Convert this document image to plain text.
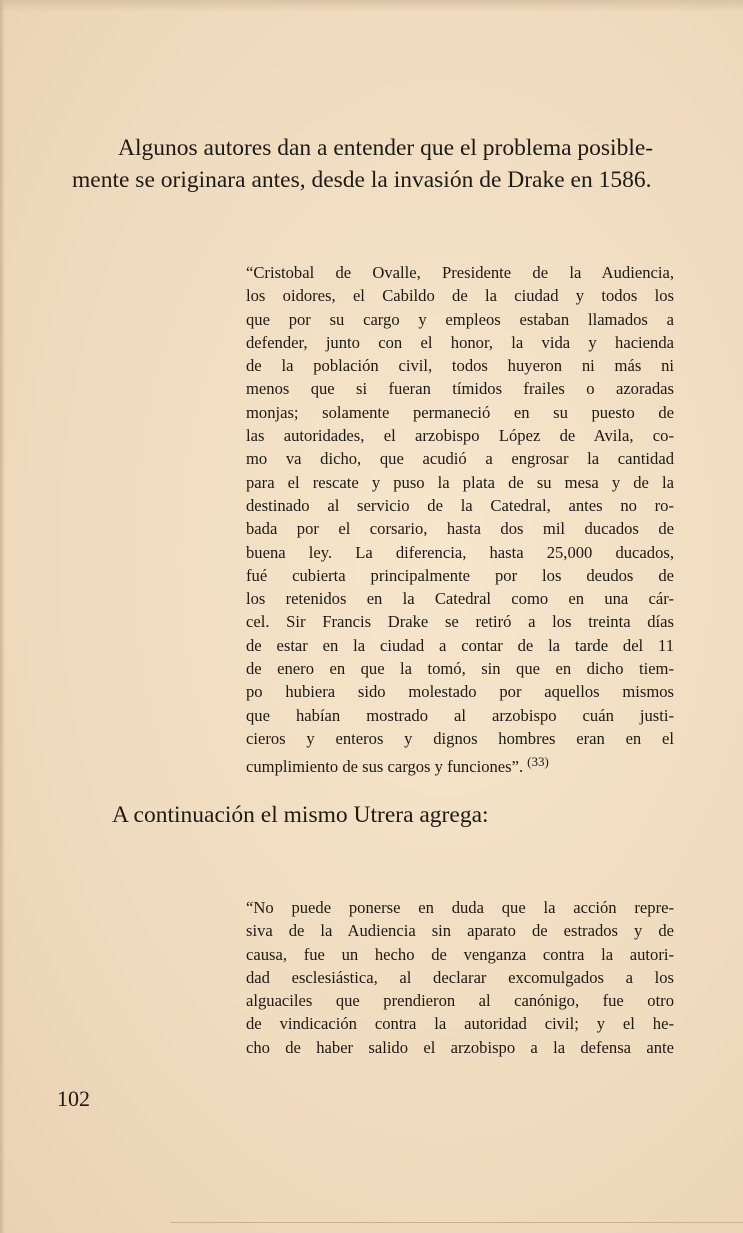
Algunos autores dan a entender que el problema posible-
mente se originara antes, desde la invasión de Drake en 1586.

“Cristobal de Ovalle, Presidente de la Audiencia,
los oidores, el Cabildo de la ciudad y todos los
que por su cargo y empleos estaban llamados a
defender, junto con el honor, la vida y hacienda
de la población civil, todos huyeron ni más ni
menos que si fueran tímidos frailes o azoradas
monjas; solamente permaneció en su puesto de
las autoridades, el arzobispo López de Avila, co-
mo va dicho, que acudió a engrosar la cantidad
para el rescate y puso la plata de su mesa y de la
destinado al servicio de la Catedral, antes no ro-
bada por el corsario, hasta dos mil ducados de
buena ley. La diferencia, hasta 25,000 ducados,
fué cubierta principalmente por los deudos de
los retenidos en la Catedral como en una cár-
cel. Sir Francis Drake se retiró a los treinta días
de estar en la ciudad a contar de la tarde del 11
de enero en que la tomó, sin que en dicho tiem-
po hubiera sido molestado por aquellos mismos
que habían mostrado al arzobispo cuán justi-
cieros y enteros y dignos hombres eran en el
cumplimiento de sus cargos y funciones”. $^{(33)}$

A continuación el mismo Utrera agrega:

“No puede ponerse en duda que la acción repre-
siva de la Audiencia sin aparato de estrados y de
causa, fue un hecho de venganza contra la autori-
dad esclesiástica, al declarar excomulgados a los
alguaciles que prendieron al canónigo, fue otro
de vindicación contra la autoridad civil; y el he-
cho de haber salido el arzobispo a la defensa ante

102
